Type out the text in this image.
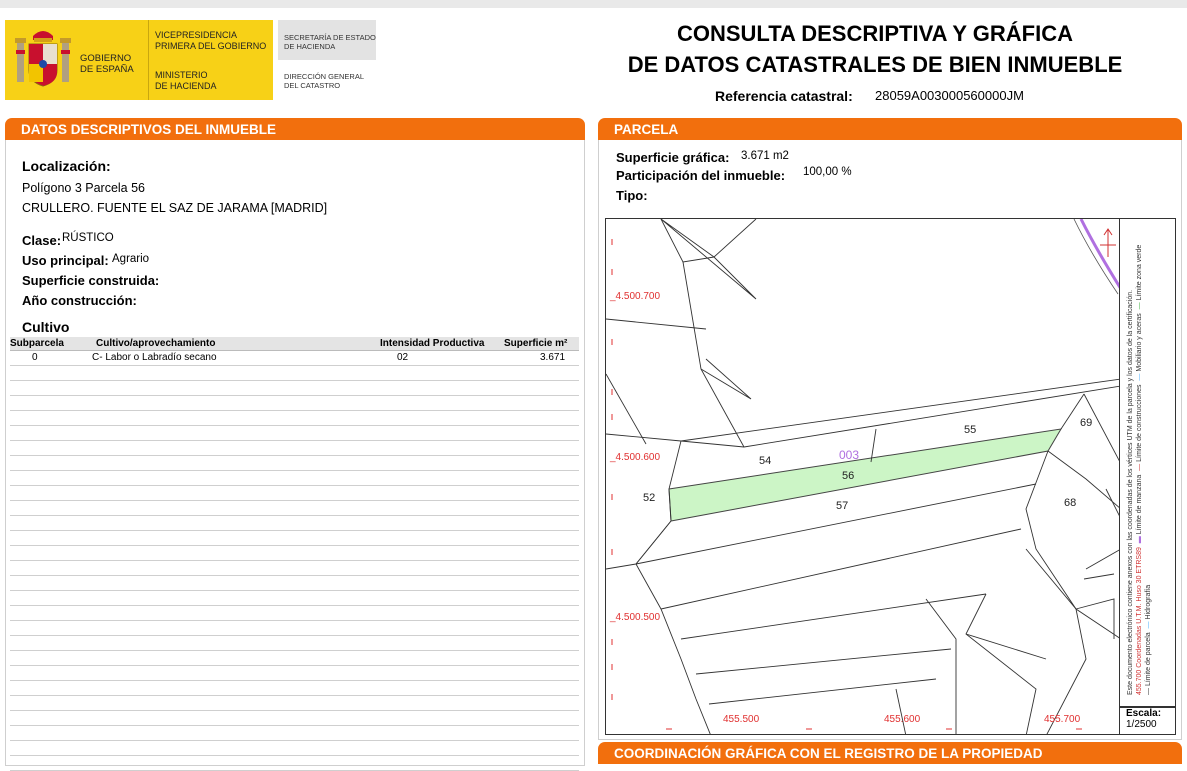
GOBIERNO
DE ESPAÑA
VICEPRESIDENCIA
PRIMERA DEL GOBIERNO
MINISTERIO
DE HACIENDA
SECRETARÍA DE ESTADO
DE HACIENDA
DIRECCIÓN GENERAL
DEL CATASTRO
CONSULTA DESCRIPTIVA Y GRÁFICA
DE DATOS CATASTRALES DE BIEN INMUEBLE
Referencia catastral: 28059A003000560000JM
DATOS DESCRIPTIVOS DEL INMUEBLE
Localización:
Polígono 3 Parcela 56
CRULLERO. FUENTE EL SAZ DE JARAMA [MADRID]
Clase: RÚSTICO
Uso principal: Agrario
Superficie construida:
Año construcción:
Cultivo
Subparcela	Cultivo/aprovechamiento	Intensidad Productiva Superficie m²
0	C- Labor o Labradío secano	02	3.671
PARCELA
Superficie gráfica: 3.671 m2
Participación del inmueble: 100,00 %
Tipo:
_4.500.700
_4.500.600
_4.500.500
455.500	455.600	455.700
54
55
56
57
52
69
68
003	Este documento electrónico contiene anexos con las coordenadas de los vértices UTM de la parcela y los datos de la certificación. 455.700 Coordenadas U.T.M. Huso 30 ETRS89  ▬ Límite de manzana  — Límite de construcciones  — Mobiliario y aceras  — Límite zona verde
— Límite de parcela  — Hidrografía
Escala:
1/2500
COORDINACIÓN GRÁFICA CON EL REGISTRO DE LA PROPIEDAD
